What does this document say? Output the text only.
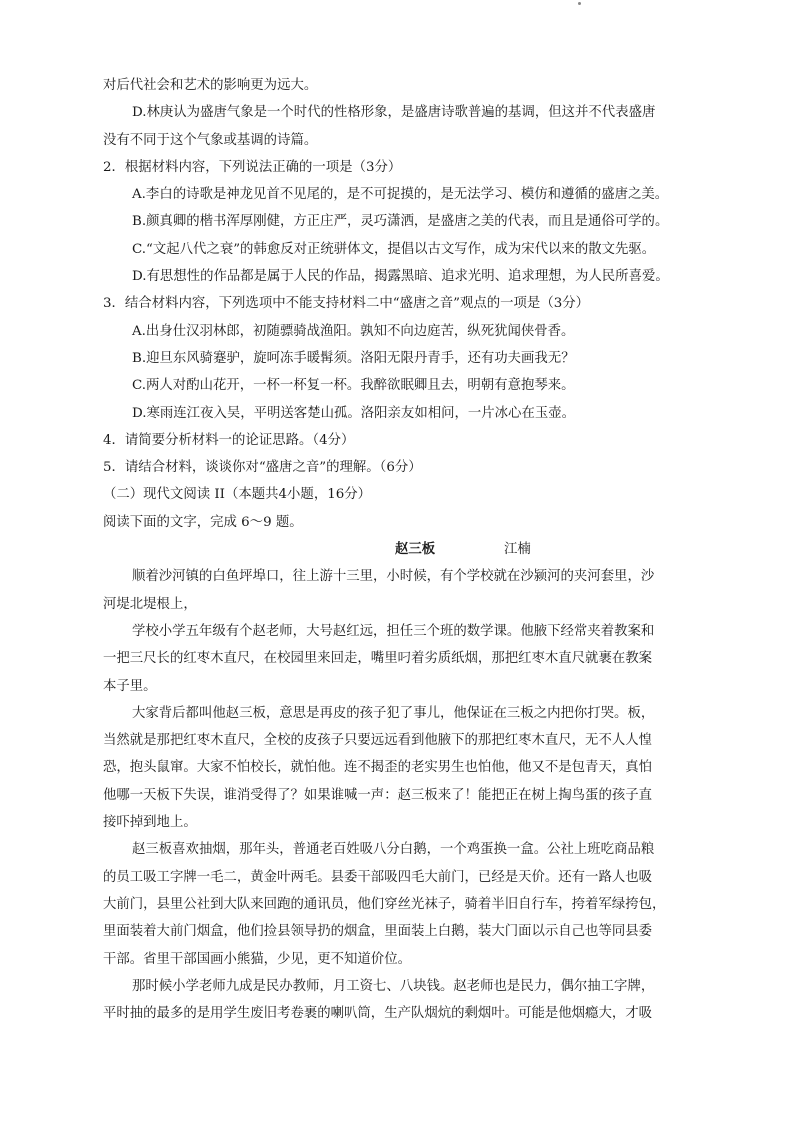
对后代社会和艺术的影响更为远大。
D.林庚认为盛唐气象是一个时代的性格形象，是盛唐诗歌普遍的基调，但这并不代表盛唐
没有不同于这个气象或基调的诗篇。
2．根据材料内容，下列说法正确的一项是（3分）
A.李白的诗歌是神龙见首不见尾的，是不可捉摸的，是无法学习、模仿和遵循的盛唐之美。
B.颜真卿的楷书浑厚刚健，方正庄严，灵巧潇洒，是盛唐之美的代表，而且是通俗可学的。
C.“文起八代之衰”的韩愈反对正统骈体文，提倡以古文写作，成为宋代以来的散文先驱。
D.有思想性的作品都是属于人民的作品，揭露黑暗、追求光明、追求理想，为人民所喜爱。
3．结合材料内容，下列选项中不能支持材料二中“盛唐之音”观点的一项是（3分）
A.出身仕汉羽林郎，初随骠骑战渔阳。孰知不向边庭苦，纵死犹闻侠骨香。
B.迎旦东风骑蹇驴，旋呵冻手暖髯须。洛阳无限丹青手，还有功夫画我无？
C.两人对酌山花开，一杯一杯复一杯。我醉欲眠卿且去，明朝有意抱琴来。
D.寒雨连江夜入吴，平明送客楚山孤。洛阳亲友如相问，一片冰心在玉壶。
4．请简要分析材料一的论证思路。（4分）
5．请结合材料，谈谈你对“盛唐之音”的理解。（6分）
（二）现代文阅读 II（本题共4小题，16分）
阅读下面的文字，完成 6～9 题。
赵三板	江楠
顺着沙河镇的白鱼坪埠口，往上游十三里，小时候，有个学校就在沙颍河的夹河套里，沙
河堤北堤根上，
学校小学五年级有个赵老师，大号赵红远，担任三个班的数学课。他腋下经常夹着教案和
一把三尺长的红枣木直尺，在校园里来回走，嘴里叼着劣质纸烟，那把红枣木直尺就裹在教案
本子里。
大家背后都叫他赵三板，意思是再皮的孩子犯了事儿，他保证在三板之内把你打哭。板，
当然就是那把红枣木直尺，全校的皮孩子只要远远看到他腋下的那把红枣木直尺，无不人人惶
恐，抱头鼠窜。大家不怕校长，就怕他。连不揭歪的老实男生也怕他，他又不是包青天，真怕
他哪一天板下失误，谁消受得了？如果谁喊一声：赵三板来了！能把正在树上掏鸟蛋的孩子直
接吓掉到地上。
赵三板喜欢抽烟，那年头，普通老百姓吸八分白鹅，一个鸡蛋换一盒。公社上班吃商品粮
的员工吸工字牌一毛二，黄金叶两毛。县委干部吸四毛大前门，已经是天价。还有一路人也吸
大前门，县里公社到大队来回跑的通讯员，他们穿丝光袜子，骑着半旧自行车，挎着军绿挎包，
里面装着大前门烟盒，他们捡县领导扔的烟盒，里面装上白鹅，装大门面以示自己也等同县委
干部。省里干部国画小熊猫，少见，更不知道价位。
那时候小学老师九成是民办教师，月工资七、八块钱。赵老师也是民力，偶尔抽工字牌，
平时抽的最多的是用学生废旧考卷裹的喇叭筒，生产队烟炕的剩烟叶。可能是他烟瘾大，才吸
